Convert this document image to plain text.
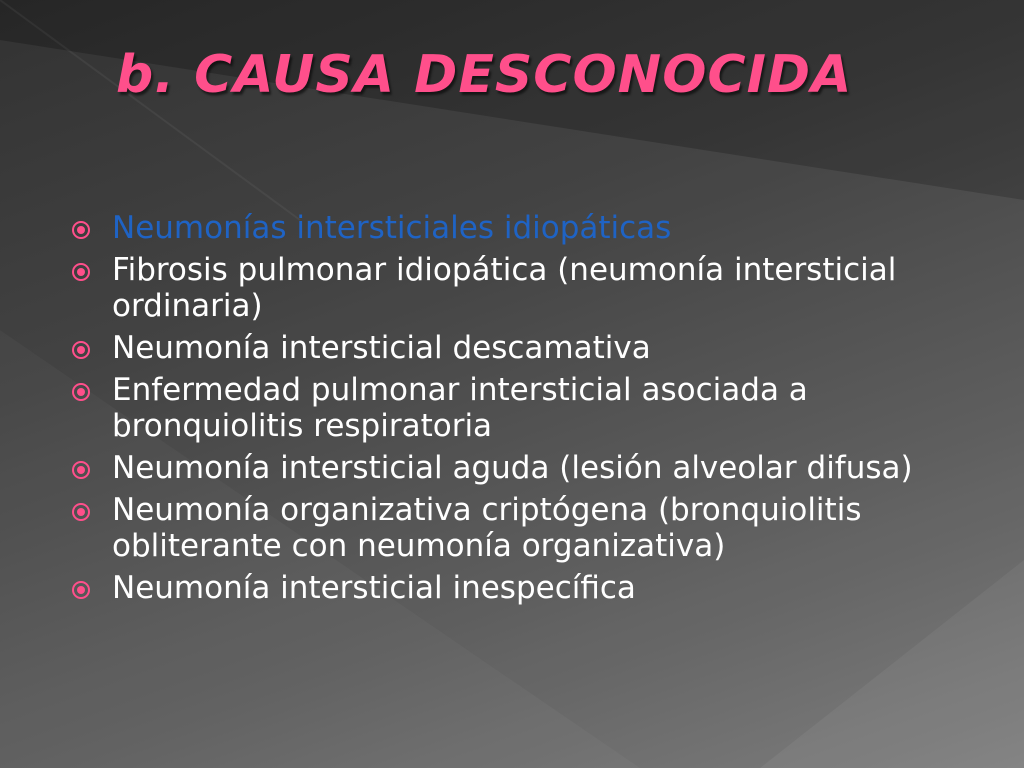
b. CAUSA DESCONOCIDA
Neumonías intersticiales idiopáticas
Fibrosis pulmonar idiopática (neumonía intersticial ordinaria)
Neumonía intersticial descamativa
Enfermedad pulmonar intersticial asociada a bronquiolitis respiratoria
Neumonía intersticial aguda (lesión alveolar difusa)
Neumonía organizativa criptógena (bronquiolitis obliterante con neumonía organizativa)
Neumonía intersticial inespecífica
